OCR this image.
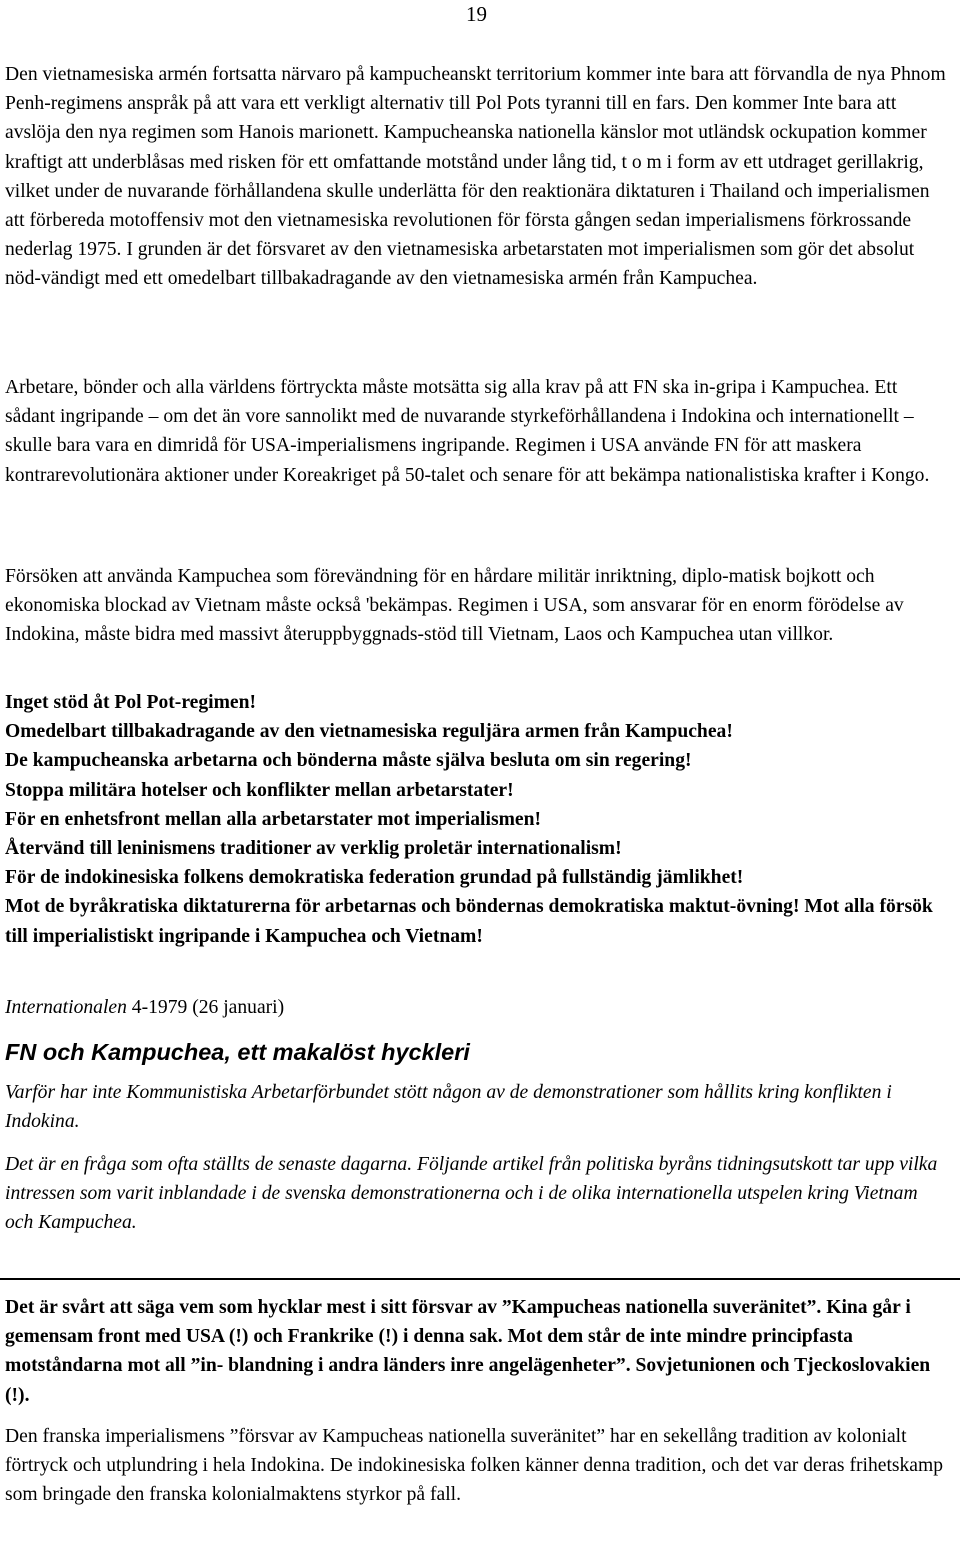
19

Den vietnamesiska armén fortsatta närvaro på kampucheanskt territorium kommer inte bara att förvandla de nya Phnom Penh-regimens anspråk på att vara ett verkligt alternativ till Pol Pots tyranni till en fars. Den kommer Inte bara att avslöja den nya regimen som Hanois marionett. Kampucheanska nationella känslor mot utländsk ockupation kommer kraftigt att underblåsas med risken för ett omfattande motstånd under lång tid, t o m i form av ett utdraget gerillakrig, vilket under de nuvarande förhållandena skulle underlätta för den reaktionära diktaturen i Thailand och imperialismen att förbereda motoffensiv mot den vietnamesiska revolutionen för första gången sedan imperialismens förkrossande nederlag 1975. I grunden är det försvaret av den vietnamesiska arbetarstaten mot imperialismen som gör det absolut nöd-vändigt med ett omedelbart tillbakadragande av den vietnamesiska armén från Kampuchea.

Arbetare, bönder och alla världens förtryckta måste motsätta sig alla krav på att FN ska in-gripa i Kampuchea. Ett sådant ingripande – om det än vore sannolikt med de nuvarande styrkeförhållandena i Indokina och internationellt – skulle bara vara en dimridå för USA-imperialismens ingripande. Regimen i USA använde FN för att maskera kontrarevolutionära aktioner under Koreakriget på 50-talet och senare för att bekämpa nationalistiska krafter i Kongo.

Försöken att använda Kampuchea som förevändning för en hårdare militär inriktning, diplo-matisk bojkott och ekonomiska blockad av Vietnam måste också 'bekämpas. Regimen i USA, som ansvarar för en enorm förödelse av Indokina, måste bidra med massivt återuppbyggnads-stöd till Vietnam, Laos och Kampuchea utan villkor.

Inget stöd åt Pol Pot-regimen!
Omedelbart tillbakadragande av den vietnamesiska reguljära armen från Kampuchea!
De kampucheanska arbetarna och bönderna måste själva besluta om sin regering!
Stoppa militära hotelser och konflikter mellan arbetarstater!
För en enhetsfront mellan alla arbetarstater mot imperialismen!
Återvänd till leninismens traditioner av verklig proletär internationalism!
För de indokinesiska folkens demokratiska federation grundad på fullständig jämlikhet!
Mot de byråkratiska diktaturerna för arbetarnas och böndernas demokratiska maktut-övning! Mot alla försök till imperialistiskt ingripande i Kampuchea och Vietnam!
Internationalen 4-1979 (26 januari)
FN och Kampuchea, ett makalöst hyckleri
Varför har inte Kommunistiska Arbetarförbundet stött någon av de demonstrationer som hållits kring konflikten i Indokina.
Det är en fråga som ofta ställts de senaste dagarna. Följande artikel från politiska byråns tidningsutskott tar upp vilka intressen som varit inblandade i de svenska demonstrationerna och i de olika internationella utspelen kring Vietnam och Kampuchea.
Det är svårt att säga vem som hycklar mest i sitt försvar av ”Kampucheas nationella suveränitet”. Kina går i gemensam front med USA (!) och Frankrike (!) i denna sak. Mot dem står de inte mindre principfasta motståndarna mot all ”in- blandning i andra länders inre angelägenheter”. Sovjetunionen och Tjeckoslovakien (!).
Den franska imperialismens ”försvar av Kampucheas nationella suveränitet” har en sekellång tradition av kolonialt förtryck och utplundring i hela Indokina. De indokinesiska folken känner denna tradition, och det var deras frihetskamp som bringade den franska kolonialmaktens styrkor på fall.
